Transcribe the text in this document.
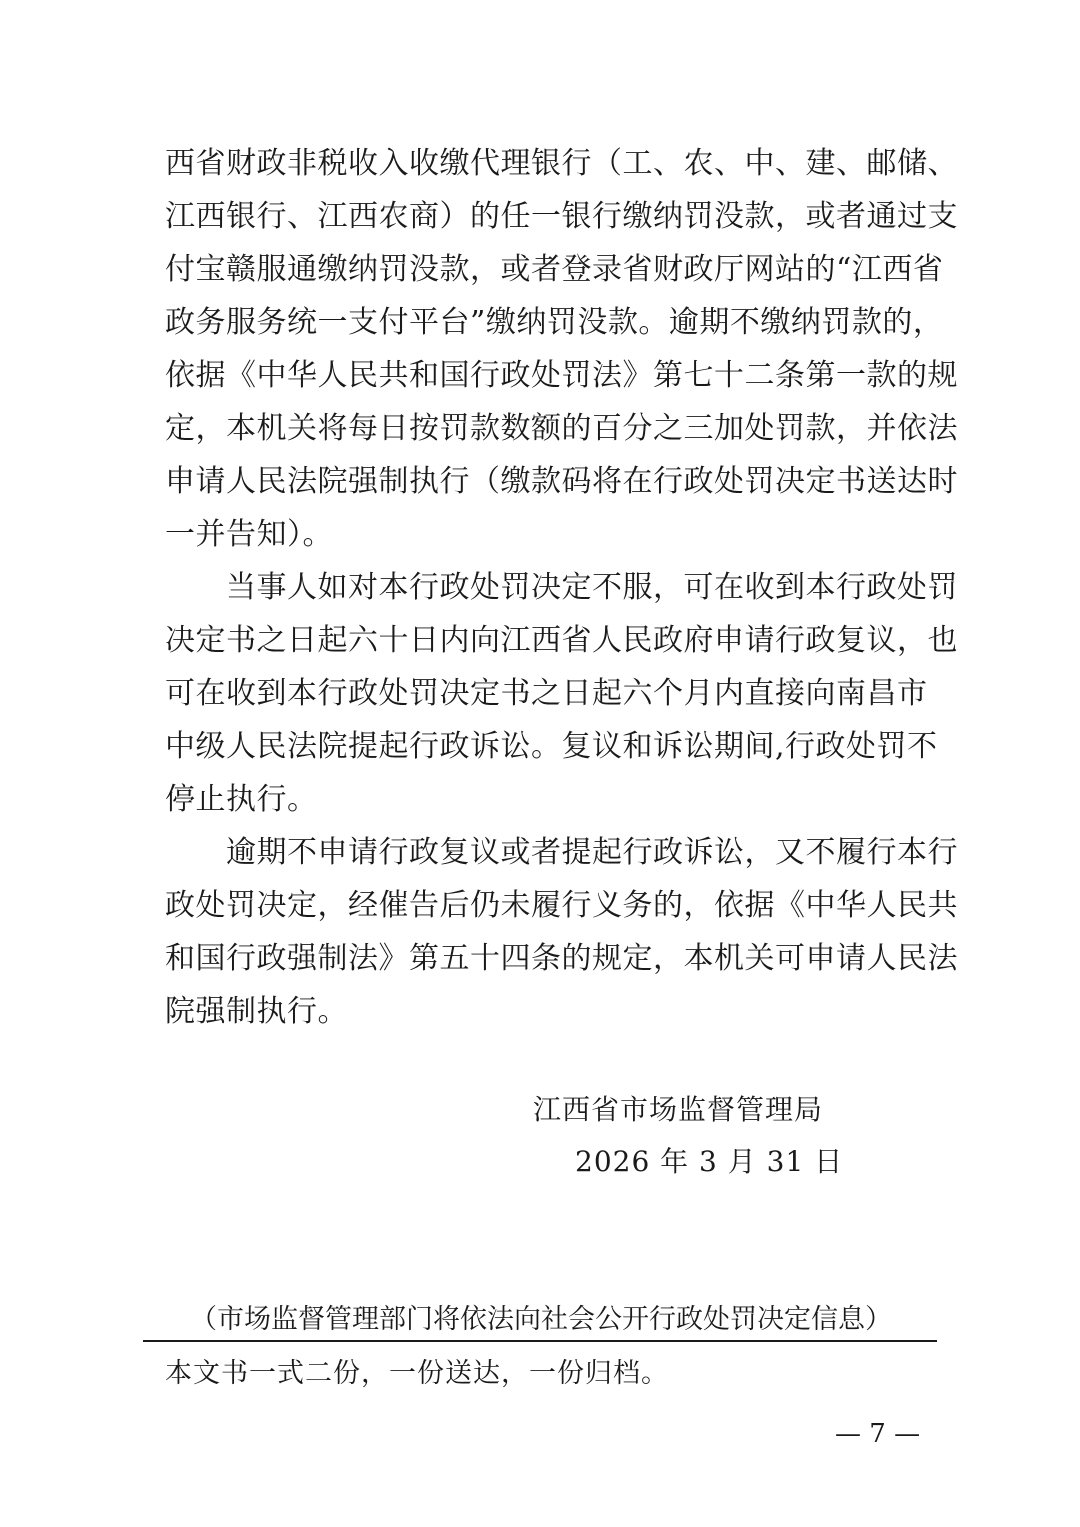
西省财政非税收入收缴代理银行（工、农、中、建、邮储、
江西银行、江西农商）的任一银行缴纳罚没款，或者通过支
付宝赣服通缴纳罚没款，或者登录省财政厅网站的“江西省
政务服务统一支付平台”缴纳罚没款。逾期不缴纳罚款的，
依据《中华人民共和国行政处罚法》第七十二条第一款的规
定，本机关将每日按罚款数额的百分之三加处罚款，并依法
申请人民法院强制执行（缴款码将在行政处罚决定书送达时
一并告知）。
　　当事人如对本行政处罚决定不服，可在收到本行政处罚
决定书之日起六十日内向江西省人民政府申请行政复议，也
可在收到本行政处罚决定书之日起六个月内直接向南昌市
中级人民法院提起行政诉讼。复议和诉讼期间,行政处罚不
停止执行。
　　逾期不申请行政复议或者提起行政诉讼，又不履行本行
政处罚决定，经催告后仍未履行义务的，依据《中华人民共
和国行政强制法》第五十四条的规定，本机关可申请人民法
院强制执行。
江西省市场监督管理局
2026 年 3 月 31 日
（市场监督管理部门将依法向社会公开行政处罚决定信息）
本文书一式二份，一份送达，一份归档。
— 7 —
